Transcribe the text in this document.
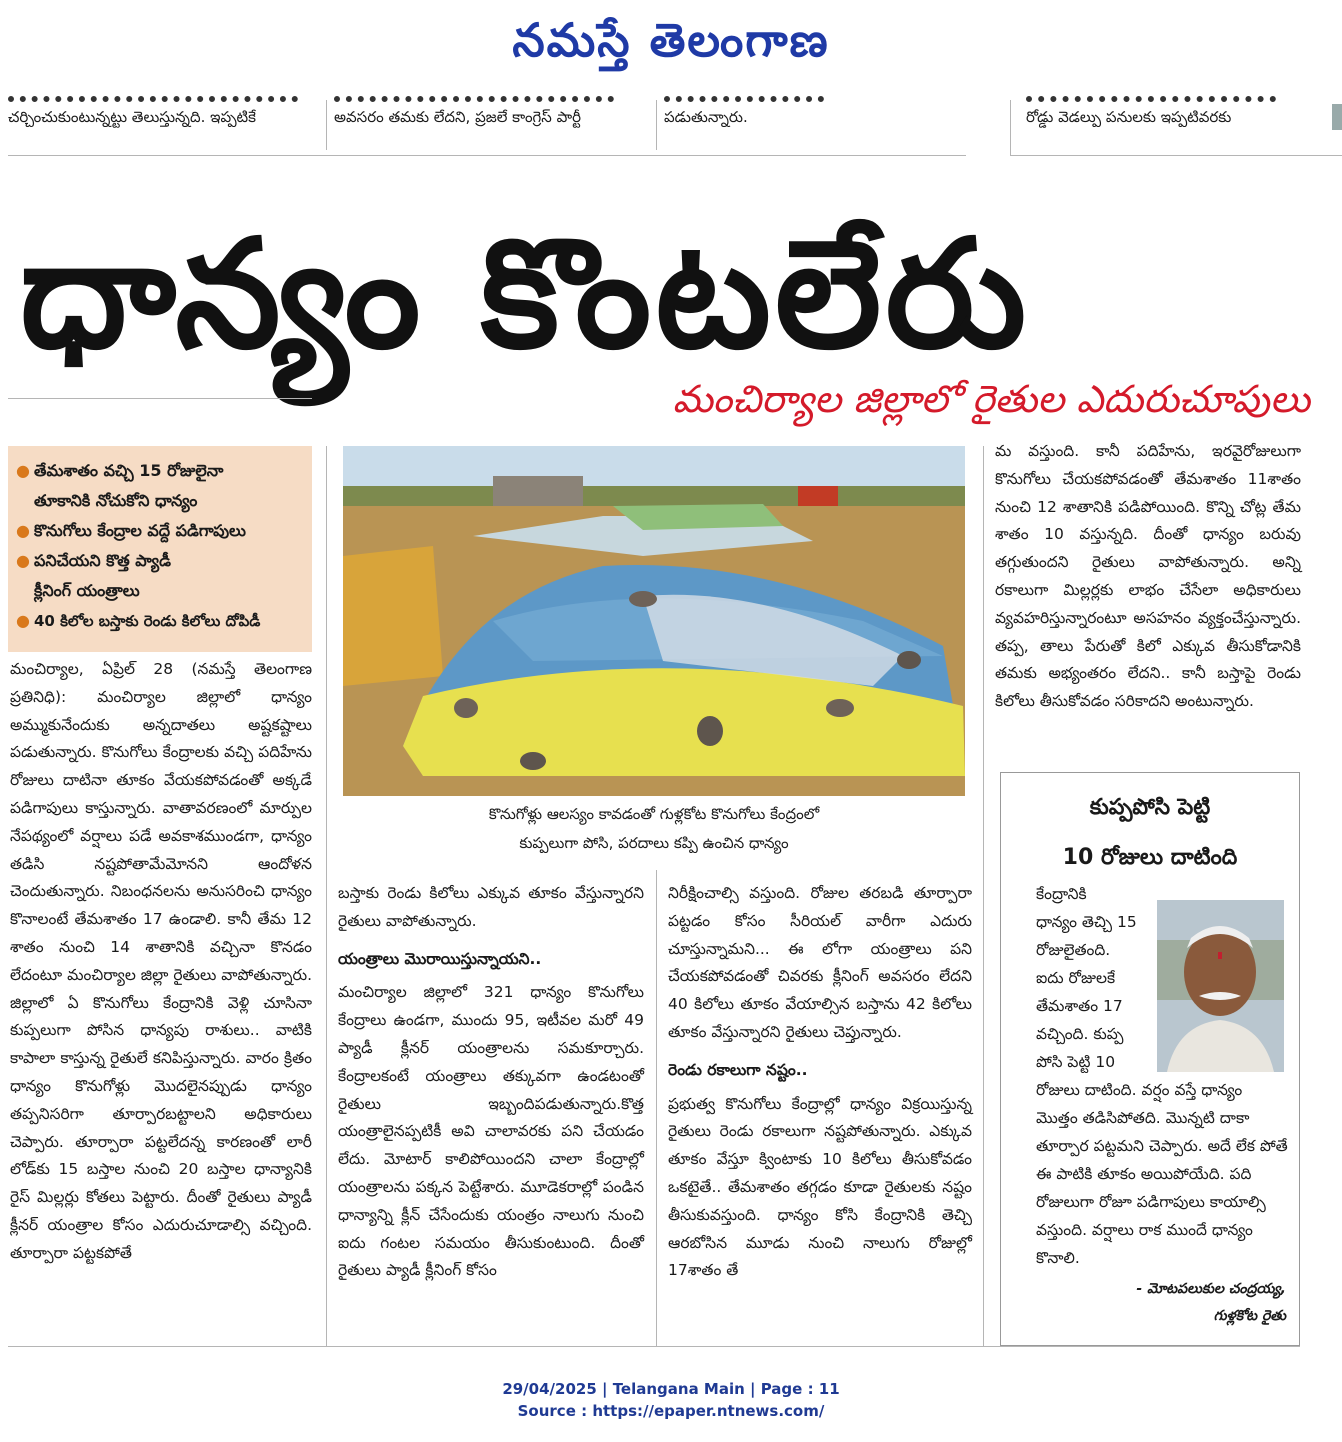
నమస్తే తెలంగాణ
చర్చించుకుంటున్నట్టు తెలుస్తున్నది. ఇప్పటికే	అవసరం తమకు లేదని, ప్రజలే కాంగ్రెస్ పార్టీ	పడుతున్నారు.	రోడ్డు వెడల్పు పనులకు ఇప్పటివరకు
ధాన్యం కొంటలేరు
మంచిర్యాల జిల్లాలో రైతుల ఎదురుచూపులు
● తేమశాతం వచ్చి 15 రోజులైనా
తూకానికి నోచుకోని ధాన్యం
● కొనుగోలు కేంద్రాల వద్దే పడిగాపులు
● పనిచేయని కొత్త ప్యాడీ
క్లీనింగ్ యంత్రాలు
● 40 కిలోల బస్తాకు రెండు కిలోలు దోపిడీ
కొనుగోళ్లు ఆలస్యం కావడంతో గుళ్లకోట కొనుగోలు కేంద్రంలో
కుప్పలుగా పోసి, పరదాలు కప్పి ఉంచిన ధాన్యం

మంచిర్యాల, ఏప్రిల్ 28 (నమస్తే తెలంగాణ ప్రతినిధి): మంచిర్యాల జిల్లాలో ధాన్యం అమ్ముకునేందుకు అన్నదాతలు అష్టకష్టాలు పడుతున్నారు. కొనుగోలు కేంద్రాలకు వచ్చి పదిహేను రోజులు దాటినా తూకం వేయకపోవడంతో అక్కడే పడిగాపులు కాస్తున్నారు. వాతావరణంలో మార్పుల నేపథ్యంలో వర్షాలు పడే అవకాశముండగా, ధాన్యం తడిసి నష్టపోతామేమోనని ఆందోళన చెందుతున్నారు. నిబంధనలను అనుసరించి ధాన్యం కొనాలంటే తేమశాతం 17 ఉండాలి. కానీ తేమ 12 శాతం నుంచి 14 శాతానికి వచ్చినా కొనడం లేదంటూ మంచిర్యాల జిల్లా రైతులు వాపోతున్నారు. జిల్లాలో ఏ కొనుగోలు కేంద్రానికి వెళ్లి చూసినా కుప్పలుగా పోసిన ధాన్యపు రాశులు.. వాటికి కాపాలా కాస్తున్న రైతులే కనిపిస్తున్నారు. వారం క్రితం ధాన్యం కొనుగోళ్లు మొదలైనప్పుడు ధాన్యం తప్పనిసరిగా తూర్పారబట్టాలని అధికారులు చెప్పారు. తూర్పారా పట్టలేదన్న కారణంతో లారీ లోడ్‌కు 15 బస్తాల నుంచి 20 బస్తాల ధాన్యానికి రైస్ మిల్లర్లు కోతలు పెట్టారు. దీంతో రైతులు ప్యాడీ క్లీనర్ యంత్రాల కోసం ఎదురుచూడాల్సి వచ్చింది. తూర్పారా పట్టకపోతే

బస్తాకు రెండు కిలోలు ఎక్కువ తూకం వేస్తున్నారని రైతులు వాపోతున్నారు.

యంత్రాలు మొరాయిస్తున్నాయని..

మంచిర్యాల జిల్లాలో 321 ధాన్యం కొనుగోలు కేంద్రాలు ఉండగా, ముందు 95, ఇటీవల మరో 49 ప్యాడీ క్లీనర్ యంత్రాలను సమకూర్చారు. కేంద్రాలకంటే యంత్రాలు తక్కువగా ఉండటంతో రైతులు ఇబ్బందిపడుతున్నారు.కొత్త యంత్రాలైనప్పటికీ అవి చాలావరకు పని చేయడం లేదు. మోటార్ కాలిపోయిందని చాలా కేంద్రాల్లో యంత్రాలను పక్కన పెట్టేశారు. మూడెకరాల్లో పండిన ధాన్యాన్ని క్లీన్ చేసేందుకు యంత్రం నాలుగు నుంచి ఐదు గంటల సమయం తీసుకుంటుంది. దీంతో రైతులు ప్యాడీ క్లీనింగ్ కోసం

నిరీక్షించాల్సి వస్తుంది. రోజుల తరబడి తూర్పారా పట్టడం కోసం సీరియల్ వారీగా ఎదురు చూస్తున్నామని... ఈ లోగా యంత్రాలు పని చేయకపోవడంతో చివరకు క్లీనింగ్ అవసరం లేదని 40 కిలోలు తూకం వేయాల్సిన బస్తాను 42 కిలోలు తూకం వేస్తున్నారని రైతులు చెప్తున్నారు.

రెండు రకాలుగా నష్టం..

ప్రభుత్వ కొనుగోలు కేంద్రాల్లో ధాన్యం విక్రయిస్తున్న రైతులు రెండు రకాలుగా నష్టపోతున్నారు. ఎక్కువ తూకం వేస్తూ క్వింటాకు 10 కిలోలు తీసుకోవడం ఒకటైతే.. తేమశాతం తగ్గడం కూడా రైతులకు నష్టం తీసుకువస్తుంది. ధాన్యం కోసి కేంద్రానికి తెచ్చి ఆరబోసిన మూడు నుంచి నాలుగు రోజుల్లో 17శాతం తే

మ వస్తుంది. కానీ పదిహేను, ఇరవైరోజులుగా కొనుగోలు చేయకపోవడంతో తేమశాతం 11శాతం నుంచి 12 శాతానికి పడిపోయింది. కొన్ని చోట్ల తేమ శాతం 10 వస్తున్నది. దీంతో ధాన్యం బరువు తగ్గుతుందని రైతులు వాపోతున్నారు. అన్ని రకాలుగా మిల్లర్లకు లాభం చేసేలా అధికారులు వ్యవహరిస్తున్నారంటూ అసహనం వ్యక్తంచేస్తున్నారు. తప్ప, తాలు పేరుతో కిలో ఎక్కువ తీసుకోడానికి తమకు అభ్యంతరం లేదని.. కానీ బస్తాపై రెండు కిలోలు తీసుకోవడం సరికాదని అంటున్నారు.

కుప్పపోసి పెట్టి
10 రోజులు దాటింది
కేంద్రానికి
ధాన్యం తెచ్చి 15
రోజులైతంది.
ఐదు రోజులకే
తేమశాతం 17
వచ్చింది. కుప్ప
పోసి పెట్టి 10

రోజులు దాటింది. వర్షం వస్తే ధాన్యం మొత్తం తడిసిపోతది. మొన్నటి దాకా తూర్పార పట్టమని చెప్పారు. అదే లేక పోతే ఈ పాటికి తూకం అయిపోయేది. పది రోజులుగా రోజూ పడిగాపులు కాయాల్సి వస్తుంది. వర్షాలు రాక ముందే ధాన్యం కొనాలి.

- మోటపలుకుల చంద్రయ్య,
గుళ్లకోట రైతు
29/04/2025 | Telangana Main | Page : 11
Source : https://epaper.ntnews.com/
